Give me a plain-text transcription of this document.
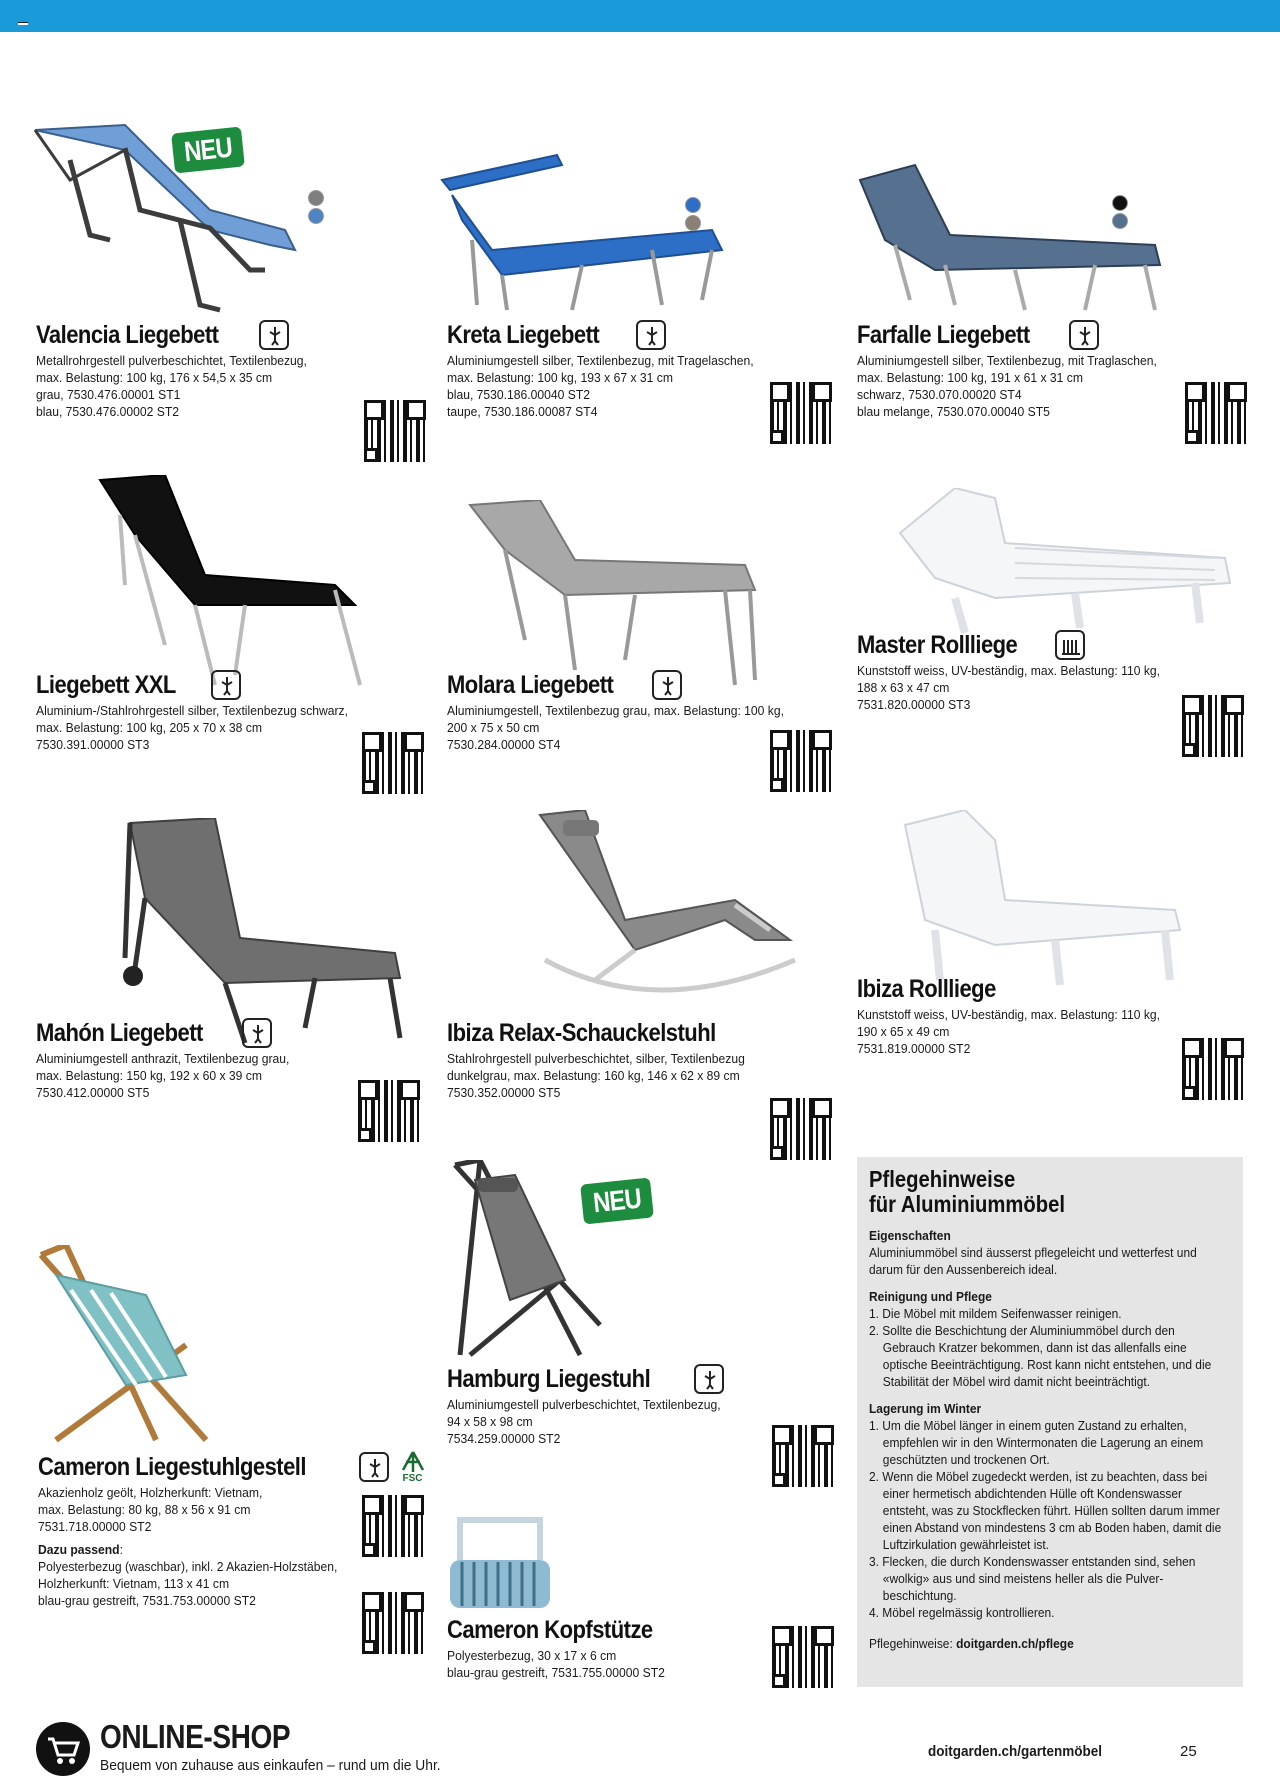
NEU
Valencia Liegebett
Metallrohrgestell pulverbeschichtet, Textilenbezug,
max. Belastung: 100 kg, 176 x 54,5 x 35 cm
grau, 7530.476.00001 ST1
blau, 7530.476.00002 ST2
Kreta Liegebett
Aluminiumgestell silber, Textilenbezug, mit Tragelaschen,
max. Belastung: 100 kg, 193 x 67 x 31 cm
blau, 7530.186.00040 ST2
taupe, 7530.186.00087 ST4
Farfalle Liegebett
Aluminiumgestell silber, Textilenbezug, mit Traglaschen,
max. Belastung: 100 kg, 191 x 61 x 31 cm
schwarz, 7530.070.00020 ST4
blau melange, 7530.070.00040 ST5
Liegebett XXL
Aluminium-/Stahlrohrgestell silber, Textilenbezug schwarz,
max. Belastung: 100 kg, 205 x 70 x 38 cm
7530.391.00000 ST3
Molara Liegebett
Aluminiumgestell, Textilenbezug grau, max. Belastung: 100 kg,
200 x 75 x 50 cm
7530.284.00000 ST4
Master Rollliege
Kunststoff weiss, UV-beständig, max. Belastung: 110 kg,
188 x 63 x 47 cm
7531.820.00000 ST3
Mahón Liegebett
Aluminiumgestell anthrazit, Textilenbezug grau,
max. Belastung: 150 kg, 192 x 60 x 39 cm
7530.412.00000 ST5
Ibiza Relax-Schauckelstuhl
Stahlrohrgestell pulverbeschichtet, silber, Textilenbezug
dunkelgrau, max. Belastung: 160 kg, 146 x 62 x 89 cm
7530.352.00000 ST5
Ibiza Rollliege
Kunststoff weiss, UV-beständig, max. Belastung: 110 kg,
190 x 65 x 49 cm
7531.819.00000 ST2
NEU
Cameron Liegestuhlgestell	FSC
Akazienholz geölt, Holzherkunft: Vietnam,
max. Belastung: 80 kg, 88 x 56 x 91 cm
7531.718.00000 ST2
Dazu passend:
Polyesterbezug (waschbar), inkl. 2 Akazien-Holzstäben,
Holzherkunft: Vietnam, 113 x 41 cm
blau-grau gestreift, 7531.753.00000 ST2
Hamburg Liegestuhl
Aluminiumgestell pulverbeschichtet, Textilenbezug,
94 x 58 x 98 cm
7534.259.00000 ST2
Cameron Kopfstütze
Polyesterbezug, 30 x 17 x 6 cm
blau-grau gestreift, 7531.755.00000 ST2
Pflegehinweise
für Aluminiummöbel
Eigenschaften
Aluminiummöbel sind äusserst pflegeleicht und wetterfest und darum für den Aussenbereich ideal.
Reinigung und Pflege
1. Die Möbel mit mildem Seifenwasser reinigen.
2. Sollte die Beschichtung der Aluminiummöbel durch den Gebrauch Kratzer bekommen, dann ist das allenfalls eine optische Beeinträchtigung. Rost kann nicht entstehen, und die Stabilität der Möbel wird damit nicht beeinträchtigt.
Lagerung im Winter
1. Um die Möbel länger in einem guten Zustand zu erhalten, empfehlen wir in den Wintermonaten die Lagerung an einem geschützten und trockenen Ort.
2. Wenn die Möbel zugedeckt werden, ist zu beachten, dass bei einer hermetisch abdichtenden Hülle oft Kondenswasser entsteht, was zu Stockflecken führt. Hüllen sollten darum immer einen Abstand von mindestens 3 cm ab Boden haben, damit die Luftzirkulation gewährleistet ist.
3. Flecken, die durch Kondenswasser entstanden sind, sehen «wolkig» aus und sind meistens heller als die Pulver-beschichtung.
4. Möbel regelmässig kontrollieren.
Pflegehinweise: doitgarden.ch/pflege
ONLINE-SHOP
Bequem von zuhause aus einkaufen – rund um die Uhr.
doitgarden.ch/gartenmöbel	25
